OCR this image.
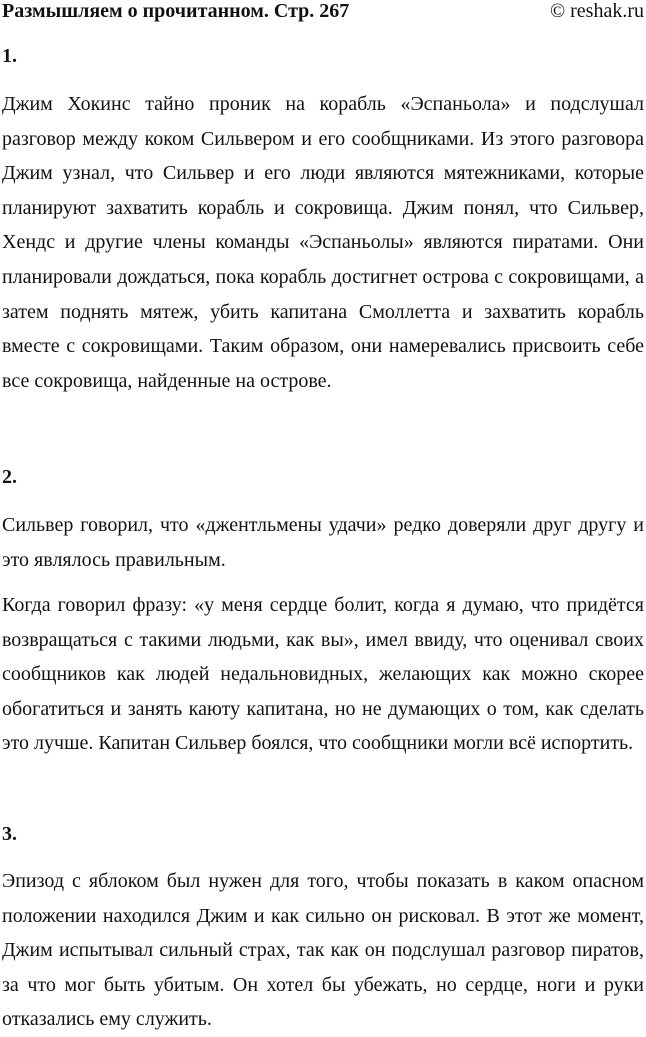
Размышляем о прочитанном. Стр. 267	© reshak.ru
1.

Джим Хокинс тайно проник на корабль «Эспаньола» и подслушал разговор между коком Сильвером и его сообщниками. Из этого разговора Джим узнал, что Сильвер и его люди являются мятежниками, которые планируют захватить корабль и сокровища. Джим понял, что Сильвер, Хендс и другие члены команды «Эспаньолы» являются пиратами. Они планировали дождаться, пока корабль достигнет острова с сокровищами, а затем поднять мятеж, убить капитана Смоллетта и захватить корабль вместе с сокровищами. Таким образом, они намеревались присвоить себе все сокровища, найденные на острове.

2.

Сильвер говорил, что «джентльмены удачи» редко доверяли друг другу и это являлось правильным.

Когда говорил фразу: «у меня сердце болит, когда я думаю, что придётся возвращаться с такими людьми, как вы», имел ввиду, что оценивал своих сообщников как людей недальновидных, желающих как можно скорее обогатиться и занять каюту капитана, но не думающих о том, как сделать это лучше. Капитан Сильвер боялся, что сообщники могли всё испортить.

3.

Эпизод с яблоком был нужен для того, чтобы показать в каком опасном положении находился Джим и как сильно он рисковал. В этот же момент, Джим испытывал сильный страх, так как он подслушал разговор пиратов, за что мог быть убитым. Он хотел бы убежать, но сердце, ноги и руки отказались ему служить.
